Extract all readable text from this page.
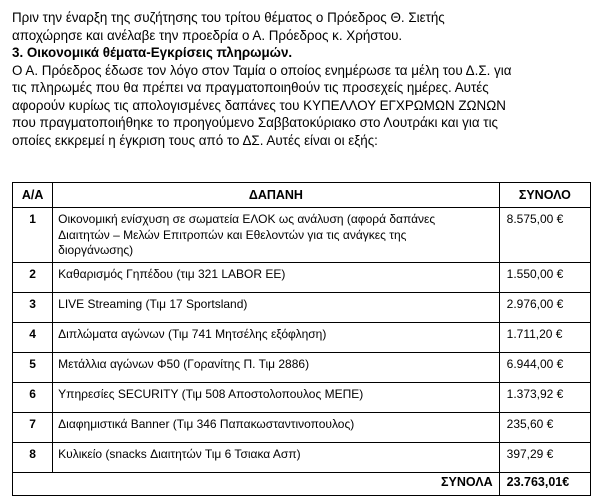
Πριν την έναρξη της συζήτησης του τρίτου θέματος ο Πρόεδρος Θ. Σιετής

αποχώρησε και ανέλαβε την προεδρία ο Α. Πρόεδρος κ. Χρήστου.

3. Οικονομικά θέματα-Εγκρίσεις πληρωμών.

Ο Α. Πρόεδρος έδωσε τον λόγο στον Ταμία ο οποίος ενημέρωσε τα μέλη του Δ.Σ. για

τις πληρωμές που θα πρέπει να πραγματοποιηθούν τις προσεχείς ημέρες. Αυτές

αφορούν κυρίως τις απολογισμένες δαπάνες του ΚΥΠΕΛΛΟΥ ΕΓΧΡΩΜΩΝ ΖΩΝΩΝ

που πραγματοποιήθηκε το προηγούμενο Σαββατοκύριακο στο Λουτράκι και για τις

οποίες εκκρεμεί η έγκριση τους από το ΔΣ. Αυτές είναι οι εξής:

Α/Α	ΔΑΠΑΝΗ	ΣΥΝΟΛΟ
1	Οικονομική ενίσχυση σε σωματεία ΕΛΟΚ ως ανάλυση (αφορά δαπάνες
Διαιτητών – Μελών Επιτροπών και Εθελοντών για τις ανάγκες της
διοργάνωσης)	8.575,00 €
2	Καθαρισμός Γηπέδου (τιμ 321 LABOR ΕΕ)	1.550,00 €
3	LIVE Streaming (Τιμ 17 Sportsland)	2.976,00 €
4	Διπλώματα αγώνων (Τιμ 741 Μητσέλης εξόφληση)	1.711,20 €
5	Μετάλλια αγώνων Φ50 (Γορανίτης Π. Τιμ 2886)	6.944,00 €
6	Υπηρεσίες SECURITY (Τιμ 508 Αποστολοπουλος ΜΕΠΕ)	1.373,92 €
7	Διαφημιστικά Banner (Τιμ 346 Παπακωσταντινοπουλος)	235,60 €
8	Κυλικείο (snacks Διαιτητών Τιμ 6 Τσιακα Ασπ)	397,29 €
ΣΥΝΟΛΑ		23.763,01€
